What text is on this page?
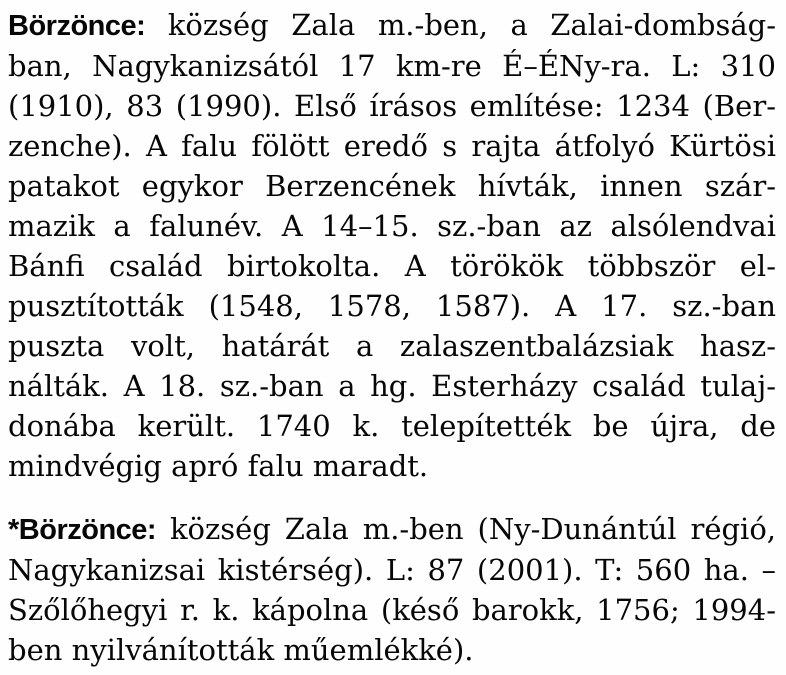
Börzönce: község Zala m.-ben, a Zalai-dombság-
ban, Nagykanizsától 17 km-re É–ÉNy-ra. L: 310
(1910), 83 (1990). Első írásos említése: 1234 (Ber-
zenche). A falu fölött eredő s rajta átfolyó Kürtösi
patakot egykor Berzencének hívták, innen szár-
mazik a falunév. A 14–15. sz.-ban az alsólendvai
Bánfi család birtokolta. A törökök többször el-
pusztították (1548, 1578, 1587). A 17. sz.-ban
puszta volt, határát a zalaszentbalázsiak hasz-
nálták. A 18. sz.-ban a hg. Esterházy család tulaj-
donába került. 1740 k. telepítették be újra, de
mindvégig apró falu maradt.
*Börzönce: község Zala m.-ben (Ny-Dunántúl régió,
Nagykanizsai kistérség). L: 87 (2001). T: 560 ha. –
Szőlőhegyi r. k. kápolna (késő barokk, 1756; 1994-
ben nyilvánították műemlékké).
